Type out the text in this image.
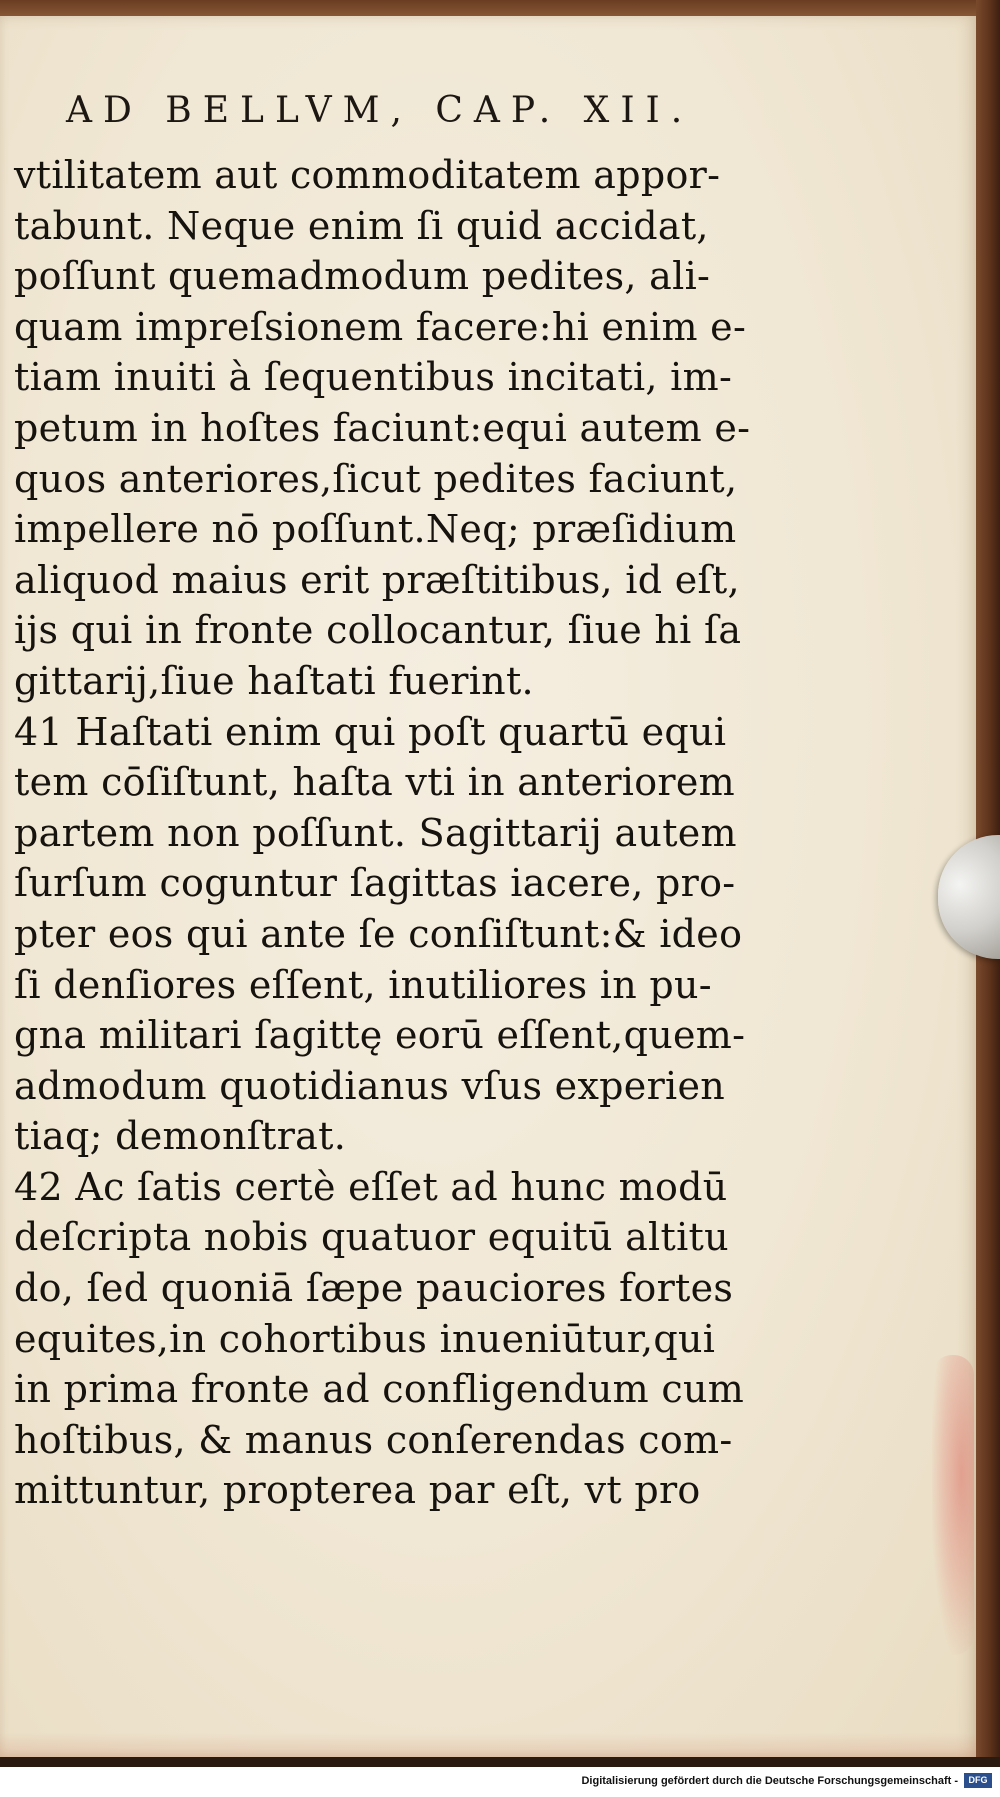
AD BELLVM, CAP. XII.
vtilitatem aut commoditatem appor-
tabunt. Neque enim ſi quid accidat,
poſſunt quemadmodum pedites, ali-
quam impreſsionem facere:hi enim e-
tiam inuiti à ſequentibus incitati, im-
petum in hoſtes faciunt:equi autem e-
quos anteriores,ſicut pedites faciunt,
impellere nō poſſunt.Neq; præſidium
aliquod maius erit præſtitibus, id eſt,
ijs qui in fronte collocantur, ſiue hi ſa
gittarij,ſiue haſtati fuerint.
41 Haſtati enim qui poſt quartū equi
tem cōſiſtunt, haſta vti in anteriorem
partem non poſſunt. Sagittarij autem
ſurſum coguntur ſagittas iacere, pro-
pter eos qui ante ſe conſiſtunt:& ideo
ſi denſiores eſſent, inutiliores in pu-
gna militari ſagittę eorū eſſent,quem-
admodum quotidianus vſus experien
tiaq; demonſtrat.
42 Ac ſatis certè eſſet ad hunc modū
deſcripta nobis quatuor equitū altitu
do, ſed quoniā ſæpe pauciores fortes
equites,in cohortibus inueniūtur,qui
in prima fronte ad confligendum cum
hoſtibus, & manus conſerendas com-
mittuntur, propterea par eſt, vt pro
Digitalisierung gefördert durch die Deutsche Forschungsgemeinschaft -	DFG
